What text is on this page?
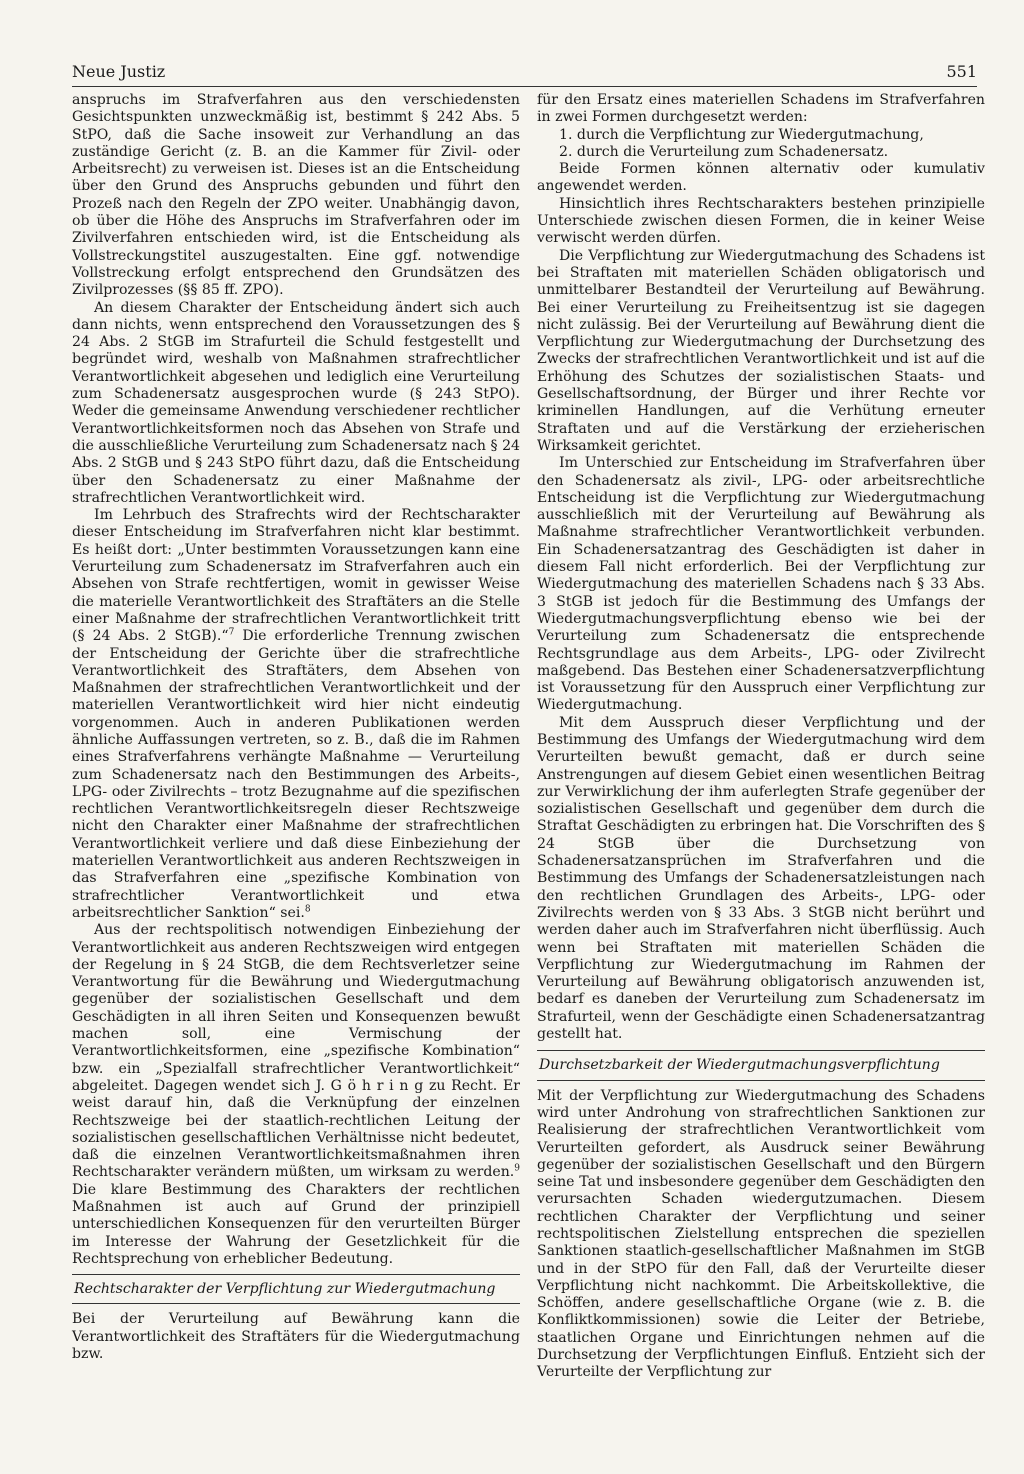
Neue Justiz	551

anspruchs im Strafverfahren aus den verschiedensten Gesichtspunkten unzweckmäßig ist, bestimmt § 242 Abs. 5 StPO, daß die Sache insoweit zur Verhandlung an das zuständige Gericht (z. B. an die Kammer für Zivil- oder Arbeitsrecht) zu verweisen ist. Dieses ist an die Entscheidung über den Grund des Anspruchs gebunden und führt den Prozeß nach den Regeln der ZPO weiter. Unabhängig davon, ob über die Höhe des Anspruchs im Strafverfahren oder im Zivilverfahren entschieden wird, ist die Entscheidung als Vollstreckungstitel auszugestalten. Eine ggf. notwendige Vollstreckung erfolgt entsprechend den Grundsätzen des Zivilprozesses (§§ 85 ff. ZPO).

An diesem Charakter der Entscheidung ändert sich auch dann nichts, wenn entsprechend den Voraussetzungen des § 24 Abs. 2 StGB im Strafurteil die Schuld festgestellt und begründet wird, weshalb von Maßnahmen strafrechtlicher Verantwortlichkeit abgesehen und lediglich eine Verurteilung zum Schadenersatz ausgesprochen wurde (§ 243 StPO). Weder die gemeinsame Anwendung verschiedener rechtlicher Verantwortlichkeitsformen noch das Absehen von Strafe und die ausschließliche Verurteilung zum Schadenersatz nach § 24 Abs. 2 StGB und § 243 StPO führt dazu, daß die Entscheidung über den Schadenersatz zu einer Maßnahme der strafrechtlichen Verantwortlichkeit wird.

Im Lehrbuch des Strafrechts wird der Rechtscharakter dieser Entscheidung im Strafverfahren nicht klar bestimmt. Es heißt dort: „Unter bestimmten Voraussetzungen kann eine Verurteilung zum Schadenersatz im Strafverfahren auch ein Absehen von Strafe rechtfertigen, womit in gewisser Weise die materielle Verantwortlichkeit des Straftäters an die Stelle einer Maßnahme der strafrechtlichen Verantwortlichkeit tritt (§ 24 Abs. 2 StGB).“$^7$ Die erforderliche Trennung zwischen der Entscheidung der Gerichte über die strafrechtliche Verantwortlichkeit des Straftäters, dem Absehen von Maßnahmen der strafrechtlichen Verantwortlichkeit und der materiellen Verantwortlichkeit wird hier nicht eindeutig vorgenommen. Auch in anderen Publikationen werden ähnliche Auffassungen vertreten, so z. B., daß die im Rahmen eines Strafverfahrens verhängte Maßnahme — Verurteilung zum Schadenersatz nach den Bestimmungen des Arbeits-, LPG- oder Zivilrechts – trotz Bezugnahme auf die spezifischen rechtlichen Verantwortlichkeitsregeln dieser Rechtszweige nicht den Charakter einer Maßnahme der strafrechtlichen Verantwortlichkeit verliere und daß diese Einbeziehung der materiellen Verantwortlichkeit aus anderen Rechtszweigen in das Strafverfahren eine „spezifische Kombination von strafrechtlicher Verantwortlichkeit und etwa arbeitsrechtlicher Sanktion“ sei.$^8$

Aus der rechtspolitisch notwendigen Einbeziehung der Verantwortlichkeit aus anderen Rechtszweigen wird entgegen der Regelung in § 24 StGB, die dem Rechtsverletzer seine Verantwortung für die Bewährung und Wiedergutmachung gegenüber der sozialistischen Gesellschaft und dem Geschädigten in all ihren Seiten und Konsequenzen bewußt machen soll, eine Vermischung der Verantwortlichkeitsformen, eine „spezifische Kombination“ bzw. ein „Spezialfall strafrechtlicher Verantwortlichkeit“ abgeleitet. Dagegen wendet sich J. G ö h r i n g zu Recht. Er weist darauf hin, daß die Verknüpfung der einzelnen Rechtszweige bei der staatlich-rechtlichen Leitung der sozialistischen gesellschaftlichen Verhältnisse nicht bedeutet, daß die einzelnen Verantwortlichkeitsmaßnahmen ihren Rechtscharakter verändern müßten, um wirksam zu werden.$^9$ Die klare Bestimmung des Charakters der rechtlichen Maßnahmen ist auch auf Grund der prinzipiell unterschiedlichen Konsequenzen für den verurteilten Bürger im Interesse der Wahrung der Gesetzlichkeit für die Rechtsprechung von erheblicher Bedeutung.

Rechtscharakter der Verpflichtung zur Wiedergutmachung

Bei der Verurteilung auf Bewährung kann die Verantwortlichkeit des Straftäters für die Wiedergutmachung bzw.

für den Ersatz eines materiellen Schadens im Strafverfahren in zwei Formen durchgesetzt werden:

1. durch die Verpflichtung zur Wiedergutmachung,

2. durch die Verurteilung zum Schadenersatz.

Beide Formen können alternativ oder kumulativ angewendet werden.

Hinsichtlich ihres Rechtscharakters bestehen prinzipielle Unterschiede zwischen diesen Formen, die in keiner Weise verwischt werden dürfen.

Die Verpflichtung zur Wiedergutmachung des Schadens ist bei Straftaten mit materiellen Schäden obligatorisch und unmittelbarer Bestandteil der Verurteilung auf Bewährung. Bei einer Verurteilung zu Freiheitsentzug ist sie dagegen nicht zulässig. Bei der Verurteilung auf Bewährung dient die Verpflichtung zur Wiedergutmachung der Durchsetzung des Zwecks der strafrechtlichen Verantwortlichkeit und ist auf die Erhöhung des Schutzes der sozialistischen Staats- und Gesellschaftsordnung, der Bürger und ihrer Rechte vor kriminellen Handlungen, auf die Verhütung erneuter Straftaten und auf die Verstärkung der erzieherischen Wirksamkeit gerichtet.

Im Unterschied zur Entscheidung im Strafverfahren über den Schadenersatz als zivil-, LPG- oder arbeitsrechtliche Entscheidung ist die Verpflichtung zur Wiedergutmachung ausschließlich mit der Verurteilung auf Bewährung als Maßnahme strafrechtlicher Verantwortlichkeit verbunden. Ein Schadenersatzantrag des Geschädigten ist daher in diesem Fall nicht erforderlich. Bei der Verpflichtung zur Wiedergutmachung des materiellen Schadens nach § 33 Abs. 3 StGB ist jedoch für die Bestimmung des Umfangs der Wiedergutmachungsverpflichtung ebenso wie bei der Verurteilung zum Schadenersatz die entsprechende Rechtsgrundlage aus dem Arbeits-, LPG- oder Zivilrecht maßgebend. Das Bestehen einer Schadenersatzverpflichtung ist Voraussetzung für den Ausspruch einer Verpflichtung zur Wiedergutmachung.

Mit dem Ausspruch dieser Verpflichtung und der Bestimmung des Umfangs der Wiedergutmachung wird dem Verurteilten bewußt gemacht, daß er durch seine Anstrengungen auf diesem Gebiet einen wesentlichen Beitrag zur Verwirklichung der ihm auferlegten Strafe gegenüber der sozialistischen Gesellschaft und gegenüber dem durch die Straftat Geschädigten zu erbringen hat. Die Vorschriften des § 24 StGB über die Durchsetzung von Schadenersatzansprüchen im Strafverfahren und die Bestimmung des Umfangs der Schadenersatzleistungen nach den rechtlichen Grundlagen des Arbeits-, LPG- oder Zivilrechts werden von § 33 Abs. 3 StGB nicht berührt und werden daher auch im Strafverfahren nicht überflüssig. Auch wenn bei Straftaten mit materiellen Schäden die Verpflichtung zur Wiedergutmachung im Rahmen der Verurteilung auf Bewährung obligatorisch anzuwenden ist, bedarf es daneben der Verurteilung zum Schadenersatz im Strafurteil, wenn der Geschädigte einen Schadenersatzantrag gestellt hat.

Durchsetzbarkeit der Wiedergutmachungsverpflichtung

Mit der Verpflichtung zur Wiedergutmachung des Schadens wird unter Androhung von strafrechtlichen Sanktionen zur Realisierung der strafrechtlichen Verantwortlichkeit vom Verurteilten gefordert, als Ausdruck seiner Bewährung gegenüber der sozialistischen Gesellschaft und den Bürgern seine Tat und insbesondere gegenüber dem Geschädigten den verursachten Schaden wiedergutzumachen. Diesem rechtlichen Charakter der Verpflichtung und seiner rechtspolitischen Zielstellung entsprechen die speziellen Sanktionen staatlich-gesellschaftlicher Maßnahmen im StGB und in der StPO für den Fall, daß der Verurteilte dieser Verpflichtung nicht nachkommt. Die Arbeitskollektive, die Schöffen, andere gesellschaftliche Organe (wie z. B. die Konfliktkommissionen) sowie die Leiter der Betriebe, staatlichen Organe und Einrichtungen nehmen auf die Durchsetzung der Verpflichtungen Einfluß. Entzieht sich der Verurteilte der Verpflichtung zur
